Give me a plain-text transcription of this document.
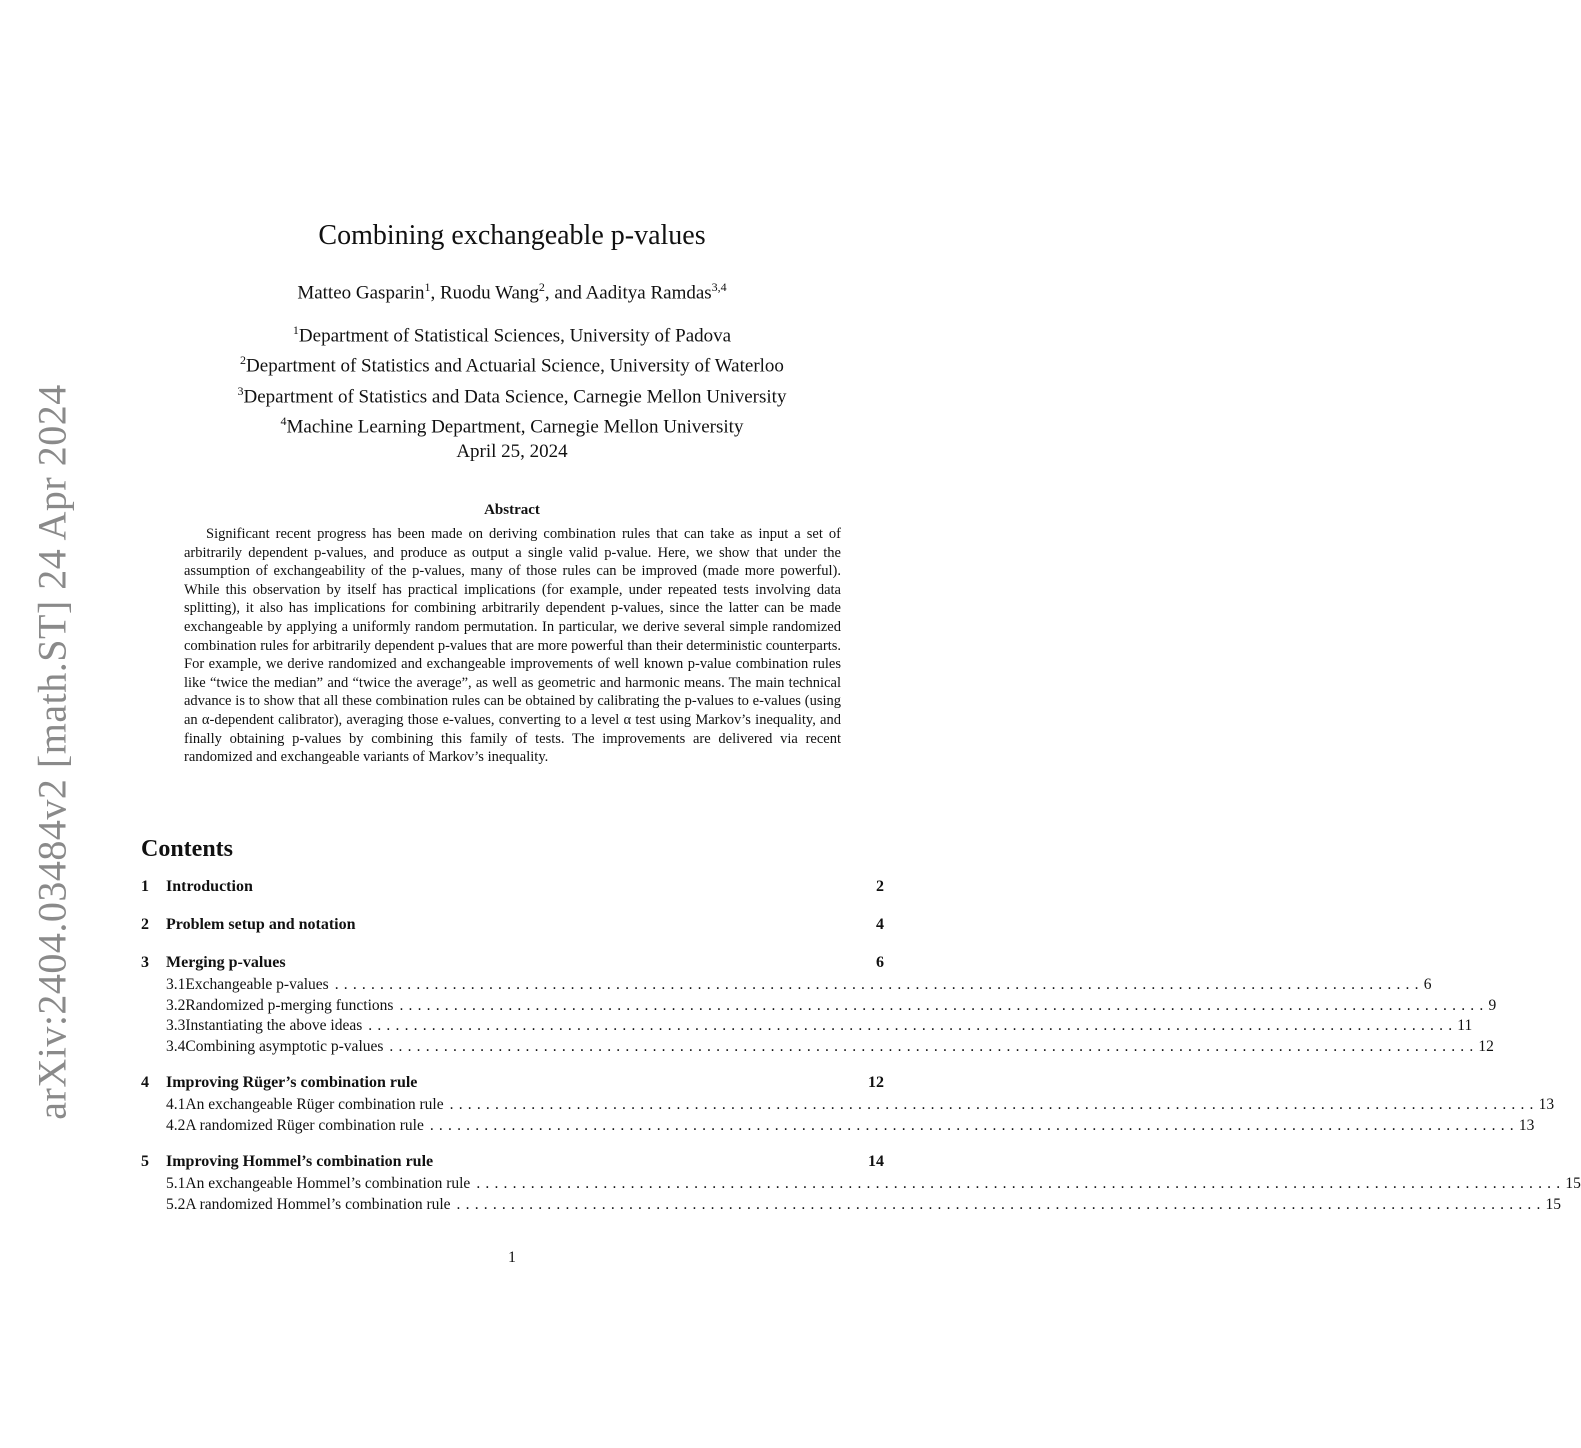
arXiv:2404.03484v2 [math.ST] 24 Apr 2024
Combining exchangeable p-values
Matteo Gasparin$^1$, Ruodu Wang$^2$, and Aaditya Ramdas$^{3,4}$
$^1$Department of Statistical Sciences, University of Padova
$^2$Department of Statistics and Actuarial Science, University of Waterloo
$^3$Department of Statistics and Data Science, Carnegie Mellon University
$^4$Machine Learning Department, Carnegie Mellon University
April 25, 2024
Abstract

Significant recent progress has been made on deriving combination rules that can take as input a set of arbitrarily dependent p-values, and produce as output a single valid p-value. Here, we show that under the assumption of exchangeability of the p-values, many of those rules can be improved (made more powerful). While this observation by itself has practical implications (for example, under repeated tests involving data splitting), it also has implications for combining arbitrarily dependent p-values, since the latter can be made exchangeable by applying a uniformly random permutation. In particular, we derive several simple randomized combination rules for arbitrarily dependent p-values that are more powerful than their deterministic counterparts. For example, we derive randomized and exchangeable improvements of well known p-value combination rules like “twice the median” and “twice the average”, as well as geometric and harmonic means. The main technical advance is to show that all these combination rules can be obtained by calibrating the p-values to e-values (using an α-dependent calibrator), averaging those e-values, converting to a level α test using Markov’s inequality, and finally obtaining p-values by combining this family of tests. The improvements are delivered via recent randomized and exchangeable variants of Markov’s inequality.

Contents
1	Introduction	2
2	Problem setup and notation	4
3	Merging p-values	6
3.1 Exchangeable p-values ........................................................................................................................ 6
3.2 Randomized p-merging functions ........................................................................................................................ 9
3.3 Instantiating the above ideas ........................................................................................................................ 11
3.4 Combining asymptotic p-values ........................................................................................................................ 12
4	Improving Rüger’s combination rule	12
4.1 An exchangeable Rüger combination rule ........................................................................................................................ 13
4.2 A randomized Rüger combination rule ........................................................................................................................ 13
5	Improving Hommel’s combination rule	14
5.1 An exchangeable Hommel’s combination rule ........................................................................................................................ 15
5.2 A randomized Hommel’s combination rule ........................................................................................................................ 15
1
